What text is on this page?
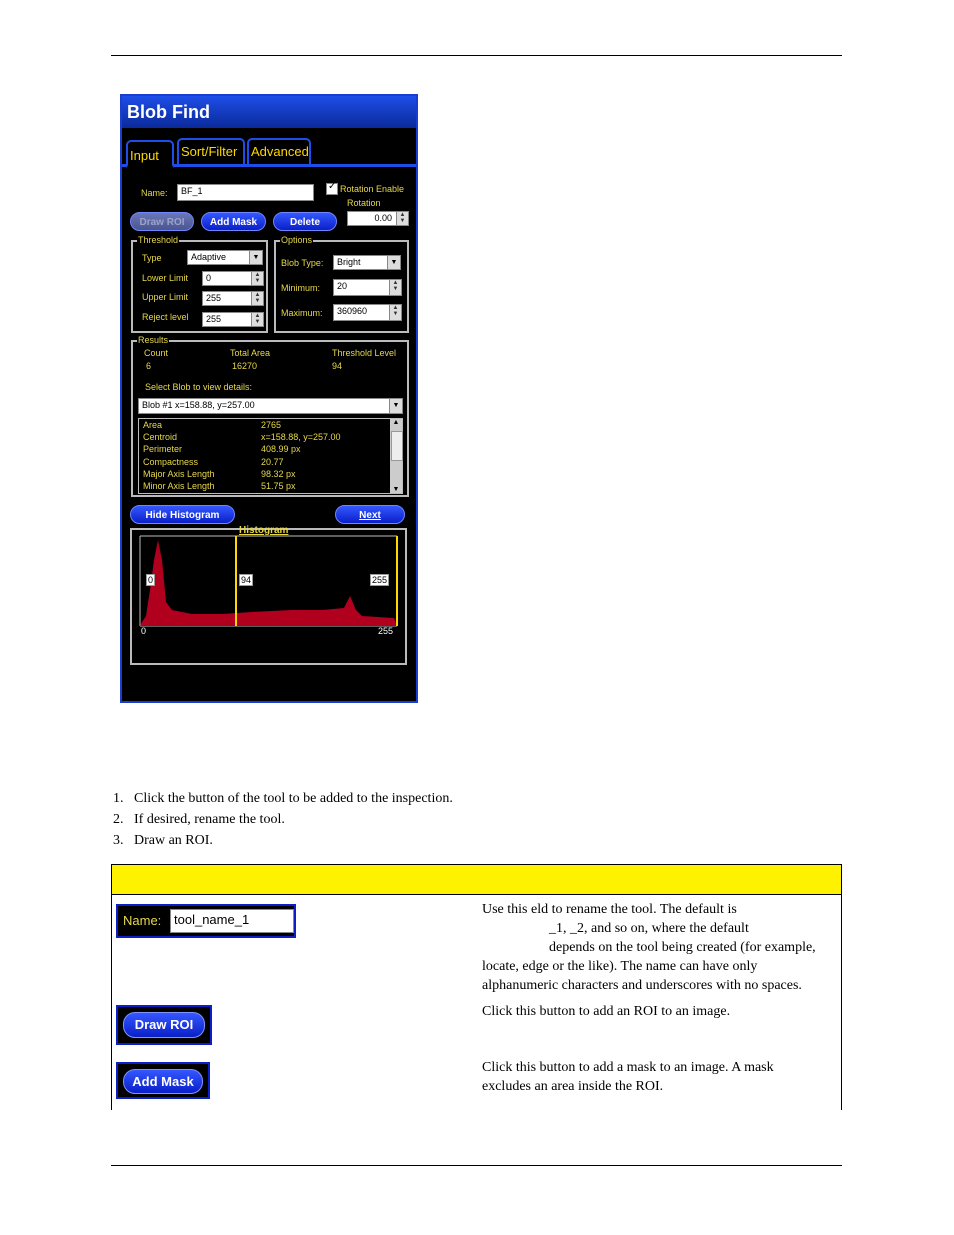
Blob Find
Input	Sort/Filter	Advanced
Name:	BF_1	✓ Rotation Enable
Rotation
0.00	▲
▼
Draw ROI	Add Mask	Delete
Threshold
Type	Adaptive	▼
Lower Limit	0	▲
▼
Upper Limit	255	▲
▼
Reject level	255	▲
▼
Options
Blob Type:	Bright	▼
Minimum:	20	▲
▼
Maximum:	360960	▲
▼
Results
Count
6
Total Area
16270
Threshold Level
94
Select Blob to view details:
Blob #1 x=158.88, y=257.00	▼
Area	2765
Centroid	x=158.88, y=257.00
Perimeter	408.99 px
Compactness	20.77
Major Axis Length	98.32 px
Minor Axis Length	51.75 px
▲
▼
Hide Histogram	Next
Histogram
0	94	255
0	255
1. Click the button of the tool to be added to the inspection.
2. If desired, rename the tool.
3. Draw an ROI.
Name: tool_name_1
Use this eld to rename the tool. The default is
_1, _2, and so on, where the default
depends on the tool being created (for example,
locate, edge or the like). The name can have only
alphanumeric characters and underscores with no spaces.
Draw ROI
Click this button to add an ROI to an image.
Add Mask
Click this button to add a mask to an image. A mask
excludes an area inside the ROI.
